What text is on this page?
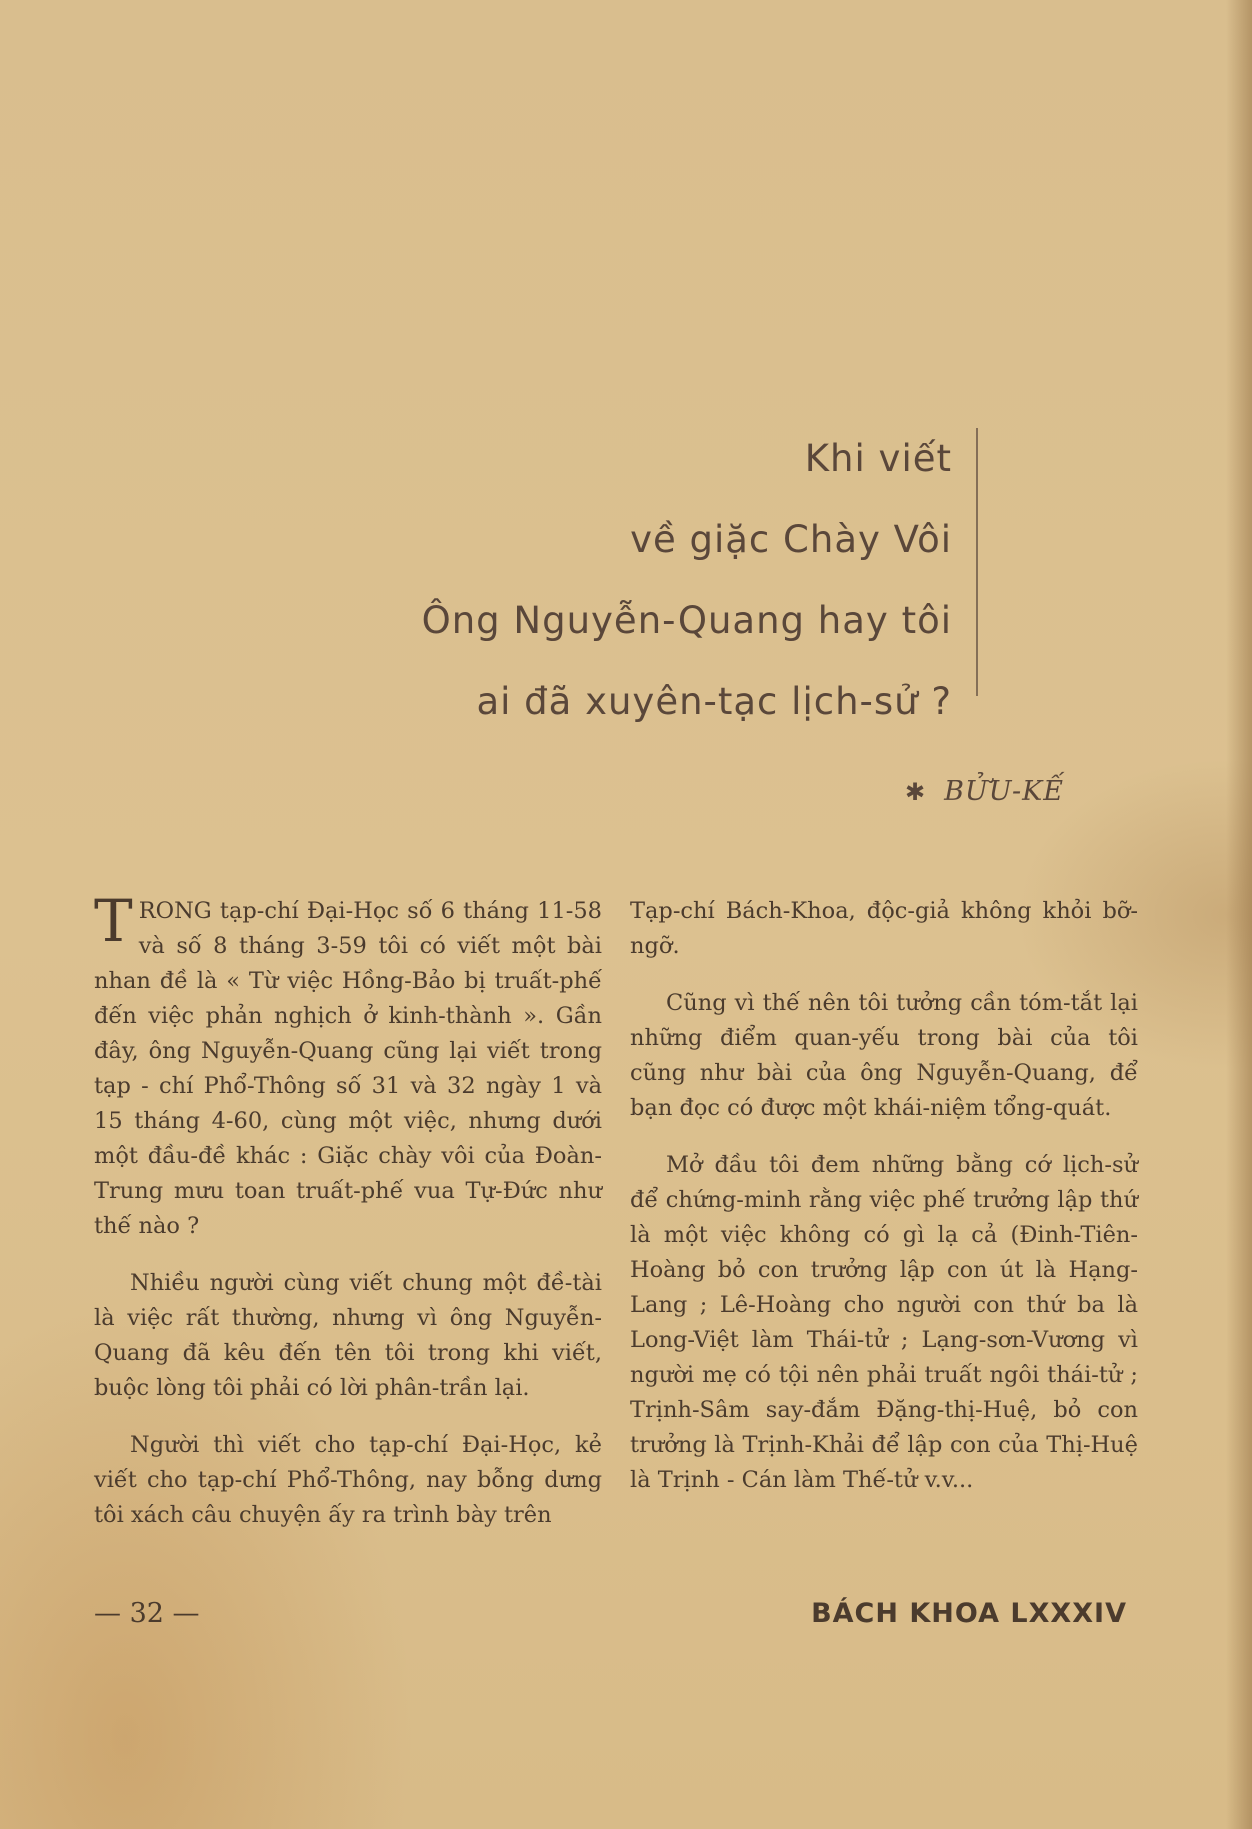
Khi viết
về giặc Chày Vôi
Ông Nguyễn-Quang hay tôi
ai đã xuyên-tạc lịch-sử ?
✱ BỬU-KẾ

TRONG tạp-chí Đại-Học số 6 tháng 11-58 và số 8 tháng 3-59 tôi có viết một bài nhan đề là « Từ việc Hồng-Bảo bị truất-phế đến việc phản nghịch ở kinh-thành ». Gần đây, ông Nguyễn-Quang cũng lại viết trong tạp - chí Phổ-Thông số 31 và 32 ngày 1 và 15 tháng 4-60, cùng một việc, nhưng dưới một đầu-đề khác : Giặc chày vôi của Đoàn-Trung mưu toan truất-phế vua Tự-Đức như thế nào ?

Nhiều người cùng viết chung một đề-tài là việc rất thường, nhưng vì ông Nguyễn-Quang đã kêu đến tên tôi trong khi viết, buộc lòng tôi phải có lời phân-trần lại.

Người thì viết cho tạp-chí Đại-Học, kẻ viết cho tạp-chí Phổ-Thông, nay bỗng dưng tôi xách câu chuyện ấy ra trình bày trên

Tạp-chí Bách-Khoa, độc-giả không khỏi bỡ-ngỡ.

Cũng vì thế nên tôi tưởng cần tóm-tắt lại những điểm quan-yếu trong bài của tôi cũng như bài của ông Nguyễn-Quang, để bạn đọc có được một khái-niệm tổng-quát.

Mở đầu tôi đem những bằng cớ lịch-sử để chứng-minh rằng việc phế trưởng lập thứ là một việc không có gì lạ cả (Đinh-Tiên-Hoàng bỏ con trưởng lập con út là Hạng-Lang ; Lê-Hoàng cho người con thứ ba là Long-Việt làm Thái-tử ; Lạng-sơn-Vương vì người mẹ có tội nên phải truất ngôi thái-tử ; Trịnh-Sâm say-đắm Đặng-thị-Huệ, bỏ con trưởng là Trịnh-Khải để lập con của Thị-Huệ là Trịnh - Cán làm Thế-tử v.v...

— 32 —	BÁCH KHOA LXXXIV
